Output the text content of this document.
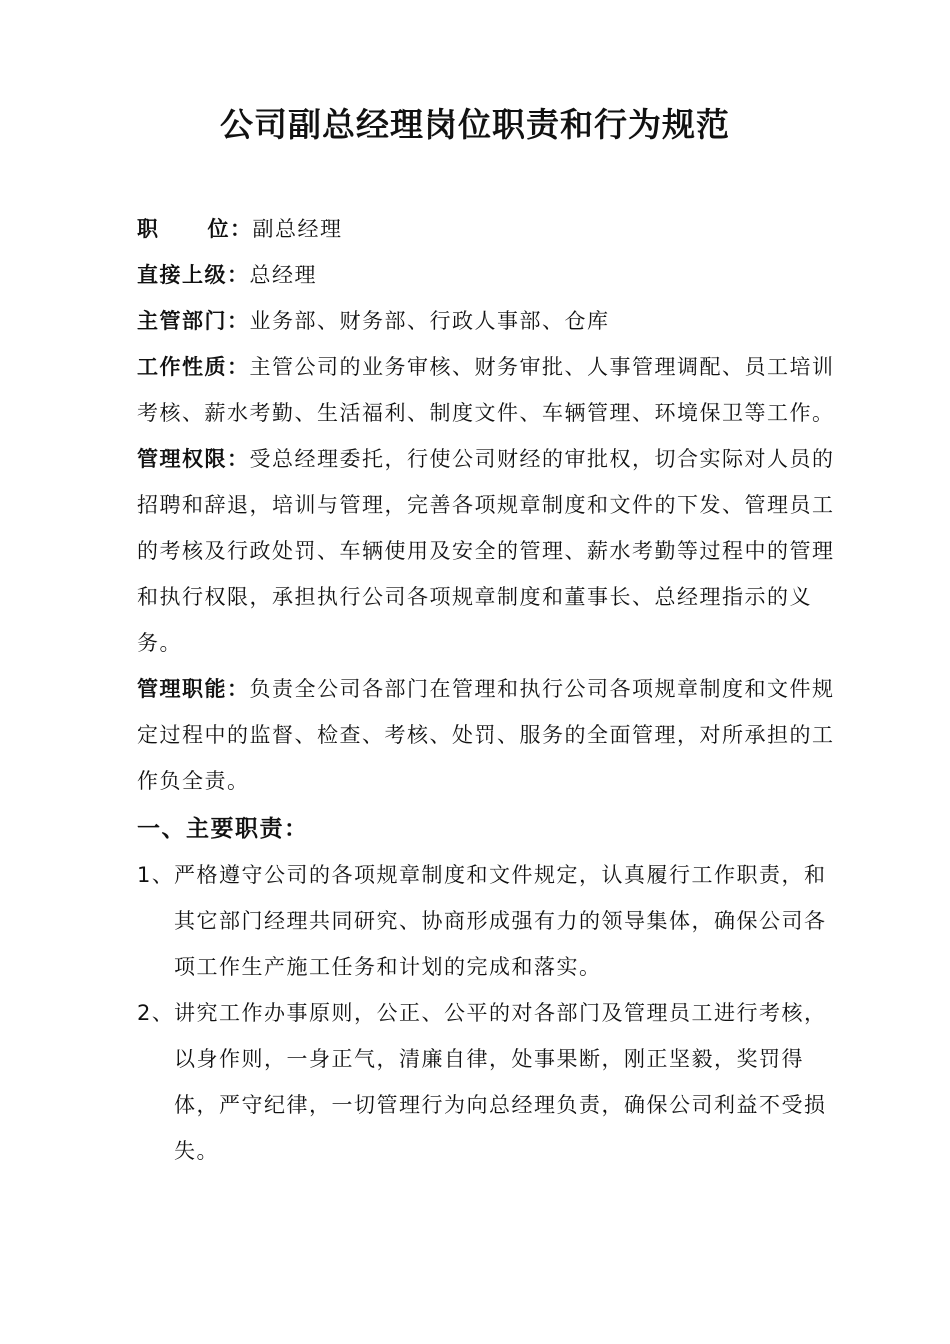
公司副总经理岗位职责和行为规范

职 位：副总经理

直接上级：总经理

主管部门：业务部、财务部、行政人事部、仓库

工作性质：主管公司的业务审核、财务审批、人事管理调配、员工培训考核、薪水考勤、生活福利、制度文件、车辆管理、环境保卫等工作。

管理权限：受总经理委托，行使公司财经的审批权，切合实际对人员的招聘和辞退，培训与管理，完善各项规章制度和文件的下发、管理员工的考核及行政处罚、车辆使用及安全的管理、薪水考勤等过程中的管理和执行权限，承担执行公司各项规章制度和董事长、总经理指示的义务。

管理职能：负责全公司各部门在管理和执行公司各项规章制度和文件规定过程中的监督、检查、考核、处罚、服务的全面管理，对所承担的工作负全责。

一、主要职责：

1、严格遵守公司的各项规章制度和文件规定，认真履行工作职责，和其它部门经理共同研究、协商形成强有力的领导集体，确保公司各项工作生产施工任务和计划的完成和落实。

2、讲究工作办事原则，公正、公平的对各部门及管理员工进行考核，以身作则，一身正气，清廉自律，处事果断，刚正坚毅，奖罚得体，严守纪律，一切管理行为向总经理负责，确保公司利益不受损失。
